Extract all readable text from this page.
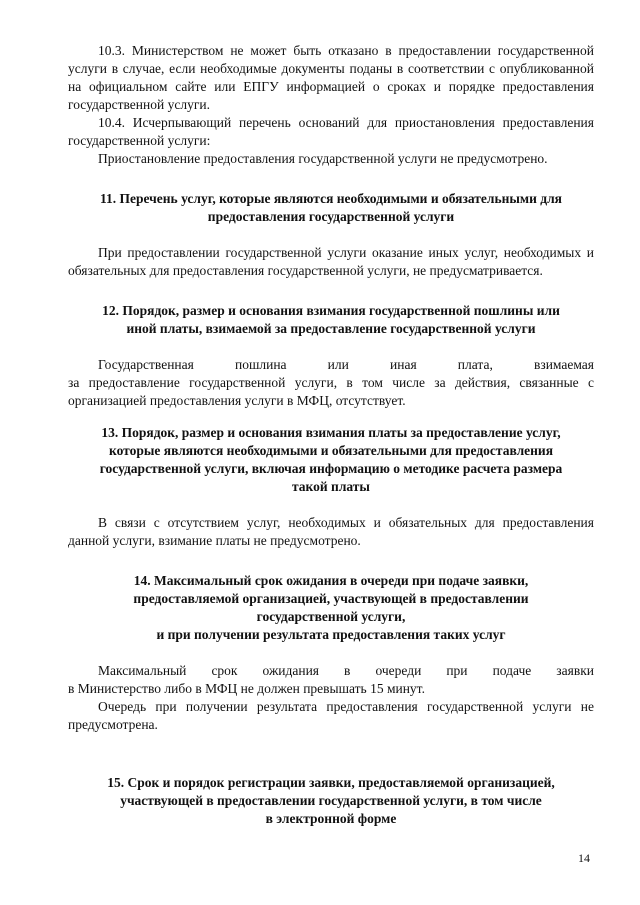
10.3. Министерством не может быть отказано в предоставлении государственной услуги в случае, если необходимые документы поданы в соответствии с опубликованной на официальном сайте или ЕПГУ информацией о сроках и порядке предоставления государственной услуги.

10.4. Исчерпывающий перечень оснований для приостановления предоставления государственной услуги:

Приостановление предоставления государственной услуги не предусмотрено.

11. Перечень услуг, которые являются необходимыми и обязательными для
предоставления государственной услуги

При предоставлении государственной услуги оказание иных услуг, необходимых и обязательных для предоставления государственной услуги, не предусматривается.

12. Порядок, размер и основания взимания государственной пошлины или
иной платы, взимаемой за предоставление государственной услуги

Государственная пошлина или иная плата, взимаемая

за предоставление государственной услуги, в том числе за действия, связанные с организацией предоставления услуги в МФЦ, отсутствует.

13. Порядок, размер и основания взимания платы за предоставление услуг,
которые являются необходимыми и обязательными для предоставления
государственной услуги, включая информацию о методике расчета размера
такой платы

В связи с отсутствием услуг, необходимых и обязательных для предоставления данной услуги, взимание платы не предусмотрено.

14. Максимальный срок ожидания в очереди при подаче заявки,
предоставляемой организацией, участвующей в предоставлении
государственной услуги,
и при получении результата предоставления таких услуг

Максимальный срок ожидания в очереди при подаче заявки

в Министерство либо в МФЦ не должен превышать 15 минут.

Очередь при получении результата предоставления государственной услуги не предусмотрена.

15. Срок и порядок регистрации заявки, предоставляемой организацией,
участвующей в предоставлении государственной услуги, в том числе
в электронной форме
14
